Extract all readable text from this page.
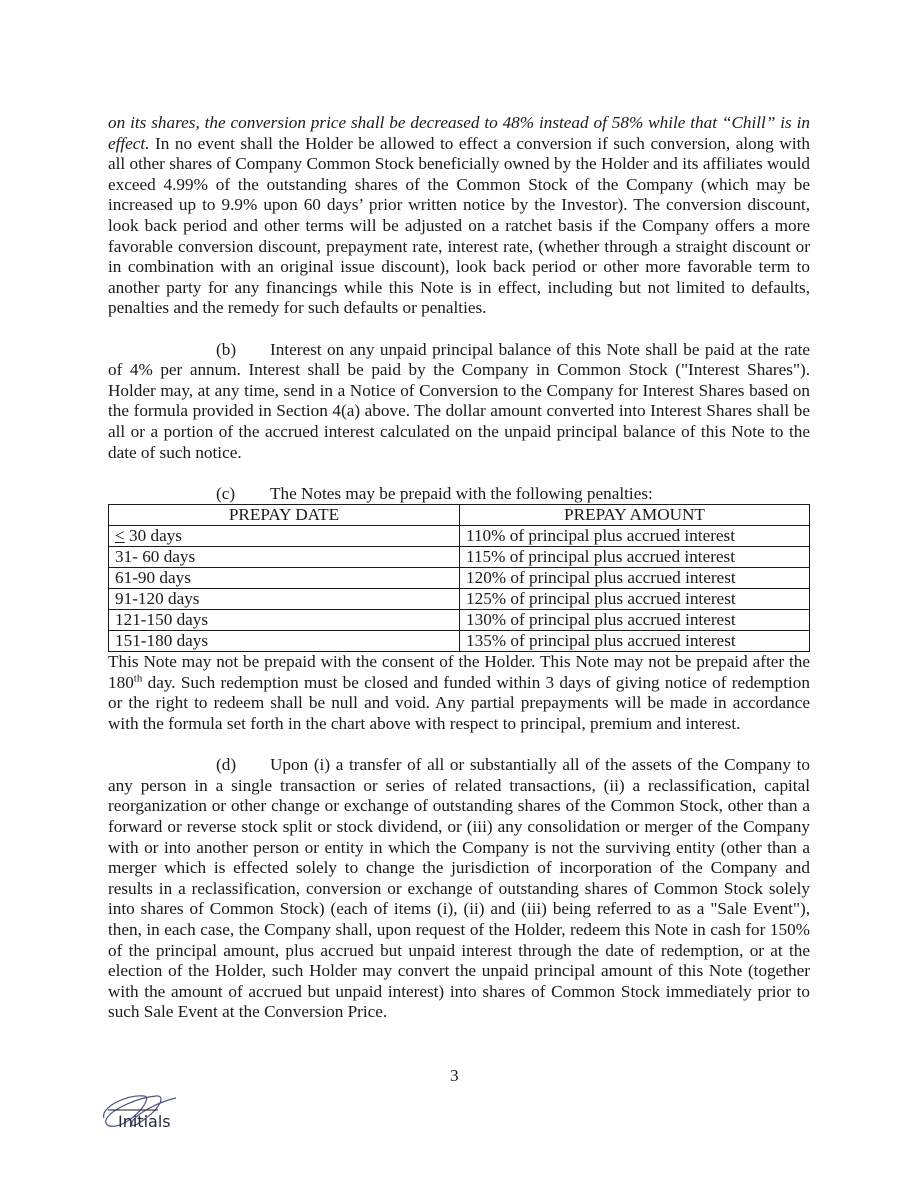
on its shares, the conversion price shall be decreased to 48% instead of 58% while that “Chill” is in effect. In no event shall the Holder be allowed to effect a conversion if such conversion, along with all other shares of Company Common Stock beneficially owned by the Holder and its affiliates would exceed 4.99% of the outstanding shares of the Common Stock of the Company (which may be increased up to 9.9% upon 60 days’ prior written notice by the Investor). The conversion discount, look back period and other terms will be adjusted on a ratchet basis if the Company offers a more favorable conversion discount, prepayment rate, interest rate, (whether through a straight discount or in combination with an original issue discount), look back period or other more favorable term to another party for any financings while this Note is in effect, including but not limited to defaults, penalties and the remedy for such defaults or penalties.

(b) Interest on any unpaid principal balance of this Note shall be paid at the rate of 4% per annum. Interest shall be paid by the Company in Common Stock ("Interest Shares"). Holder may, at any time, send in a Notice of Conversion to the Company for Interest Shares based on the formula provided in Section 4(a) above. The dollar amount converted into Interest Shares shall be all or a portion of the accrued interest calculated on the unpaid principal balance of this Note to the date of such notice.

(c) The Notes may be prepaid with the following penalties:

PREPAY DATE	PREPAY AMOUNT
≤ 30 days	110% of principal plus accrued interest
31- 60 days	115% of principal plus accrued interest
61-90 days	120% of principal plus accrued interest
91-120 days	125% of principal plus accrued interest
121-150 days	130% of principal plus accrued interest
151-180 days	135% of principal plus accrued interest

This Note may not be prepaid with the consent of the Holder. This Note may not be prepaid after the 180th day. Such redemption must be closed and funded within 3 days of giving notice of redemption or the right to redeem shall be null and void. Any partial prepayments will be made in accordance with the formula set forth in the chart above with respect to principal, premium and interest.

(d) Upon (i) a transfer of all or substantially all of the assets of the Company to any person in a single transaction or series of related transactions, (ii) a reclassification, capital reorganization or other change or exchange of outstanding shares of the Common Stock, other than a forward or reverse stock split or stock dividend, or (iii) any consolidation or merger of the Company with or into another person or entity in which the Company is not the surviving entity (other than a merger which is effected solely to change the jurisdiction of incorporation of the Company and results in a reclassification, conversion or exchange of outstanding shares of Common Stock solely into shares of Common Stock) (each of items (i), (ii) and (iii) being referred to as a "Sale Event"), then, in each case, the Company shall, upon request of the Holder, redeem this Note in cash for 150% of the principal amount, plus accrued but unpaid interest through the date of redemption, or at the election of the Holder, such Holder may convert the unpaid principal amount of this Note (together with the amount of accrued but unpaid interest) into shares of Common Stock immediately prior to such Sale Event at the Conversion Price.

3
Initials
